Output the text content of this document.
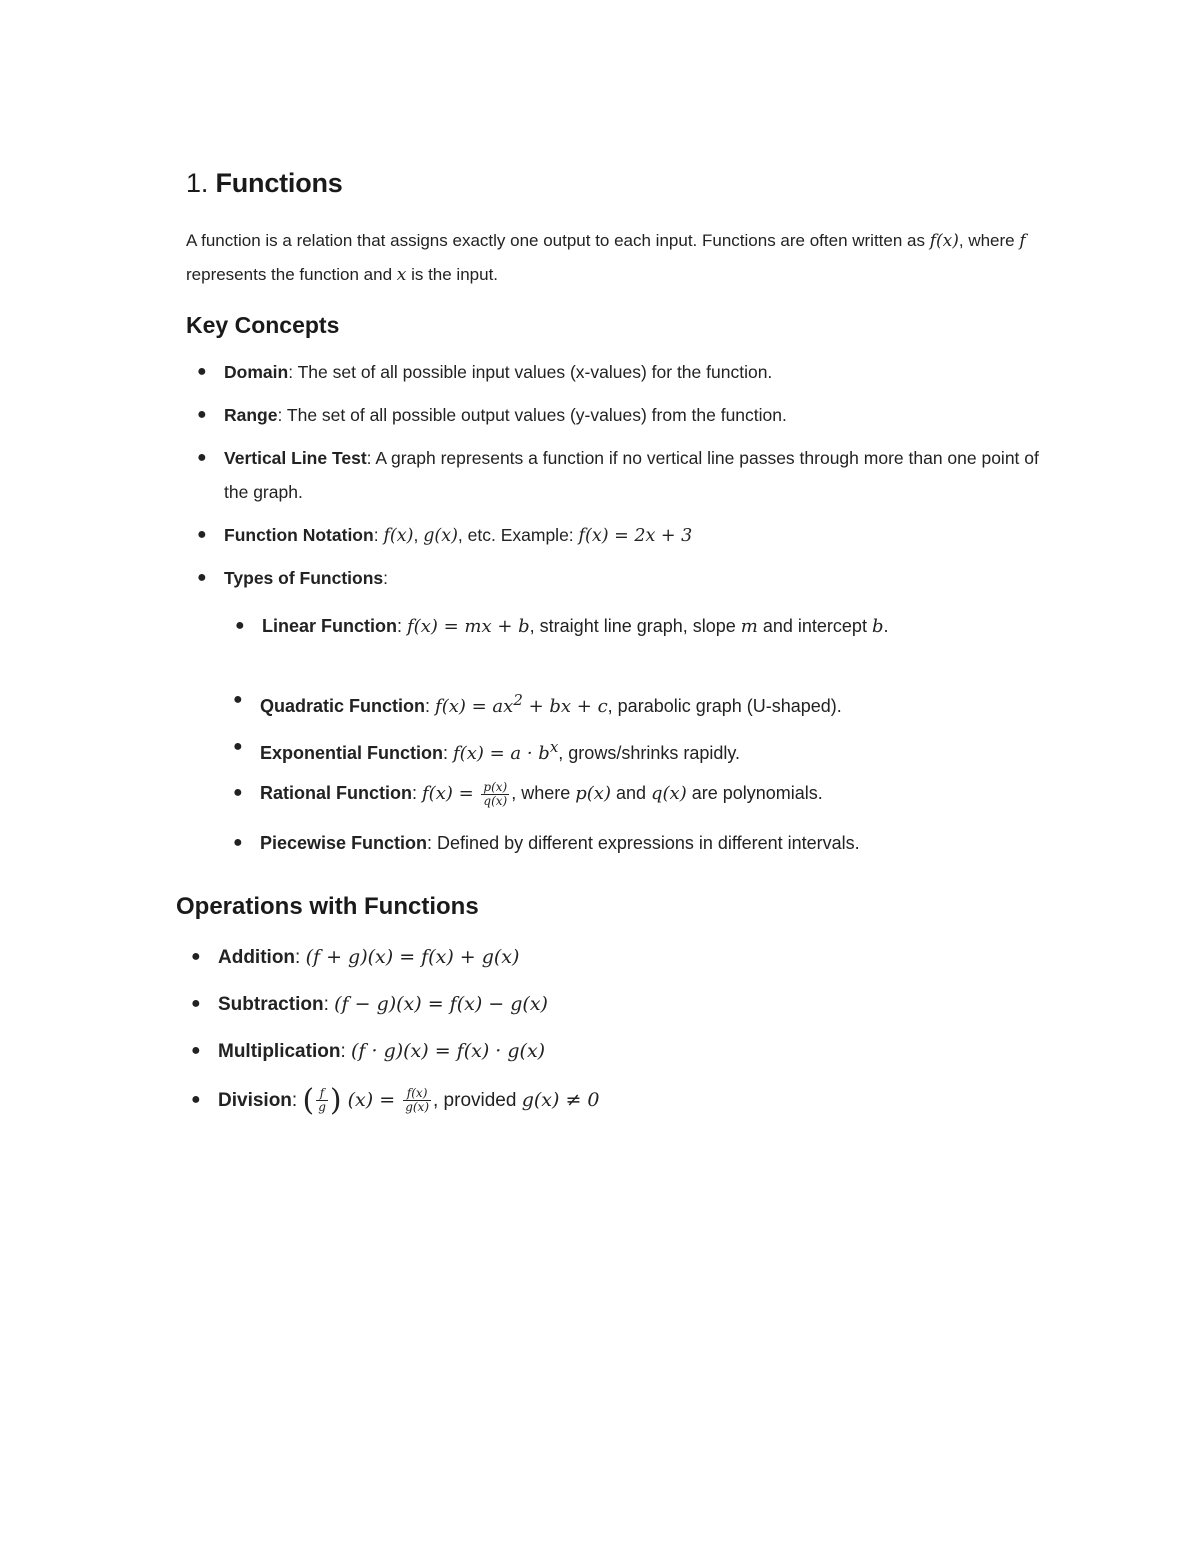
1. Functions

A function is a relation that assigns exactly one output to each input. Functions are often written as f(x), where f represents the function and x is the input.

Key Concepts
● Domain: The set of all possible input values (x-values) for the function.
● Range: The set of all possible output values (y-values) from the function.
● Vertical Line Test: A graph represents a function if no vertical line passes through more than one point of the graph.
● Function Notation: f(x), g(x), etc. Example: f(x) = 2x + 3
● Types of Functions:
● Linear Function: f(x) = mx + b, straight line graph, slope m and intercept b.
● Quadratic Function: $f(x) = ax^2$ + bx + c, parabolic graph (U-shaped).
● Exponential Function: $f(x) = a \cdot b^x$, grows/shrinks rapidly.
● Rational Function: $f(x) = \frac{p(x)}{q(x)}$ , where p(x) and q(x) are polynomials.
● Piecewise Function: Defined by different expressions in different intervals.
Operations with Functions
● Addition: (f + g)(x) = f(x) + g(x)
● Subtraction: (f − g)(x) = f(x) − g(x)
● Multiplication: (f · g)(x) = f(x) · g(x)
● Division: ( $\frac{f}{g}$ ) $(x) = \frac{f(x)}{g(x)}$ , provided g(x) ≠ 0
